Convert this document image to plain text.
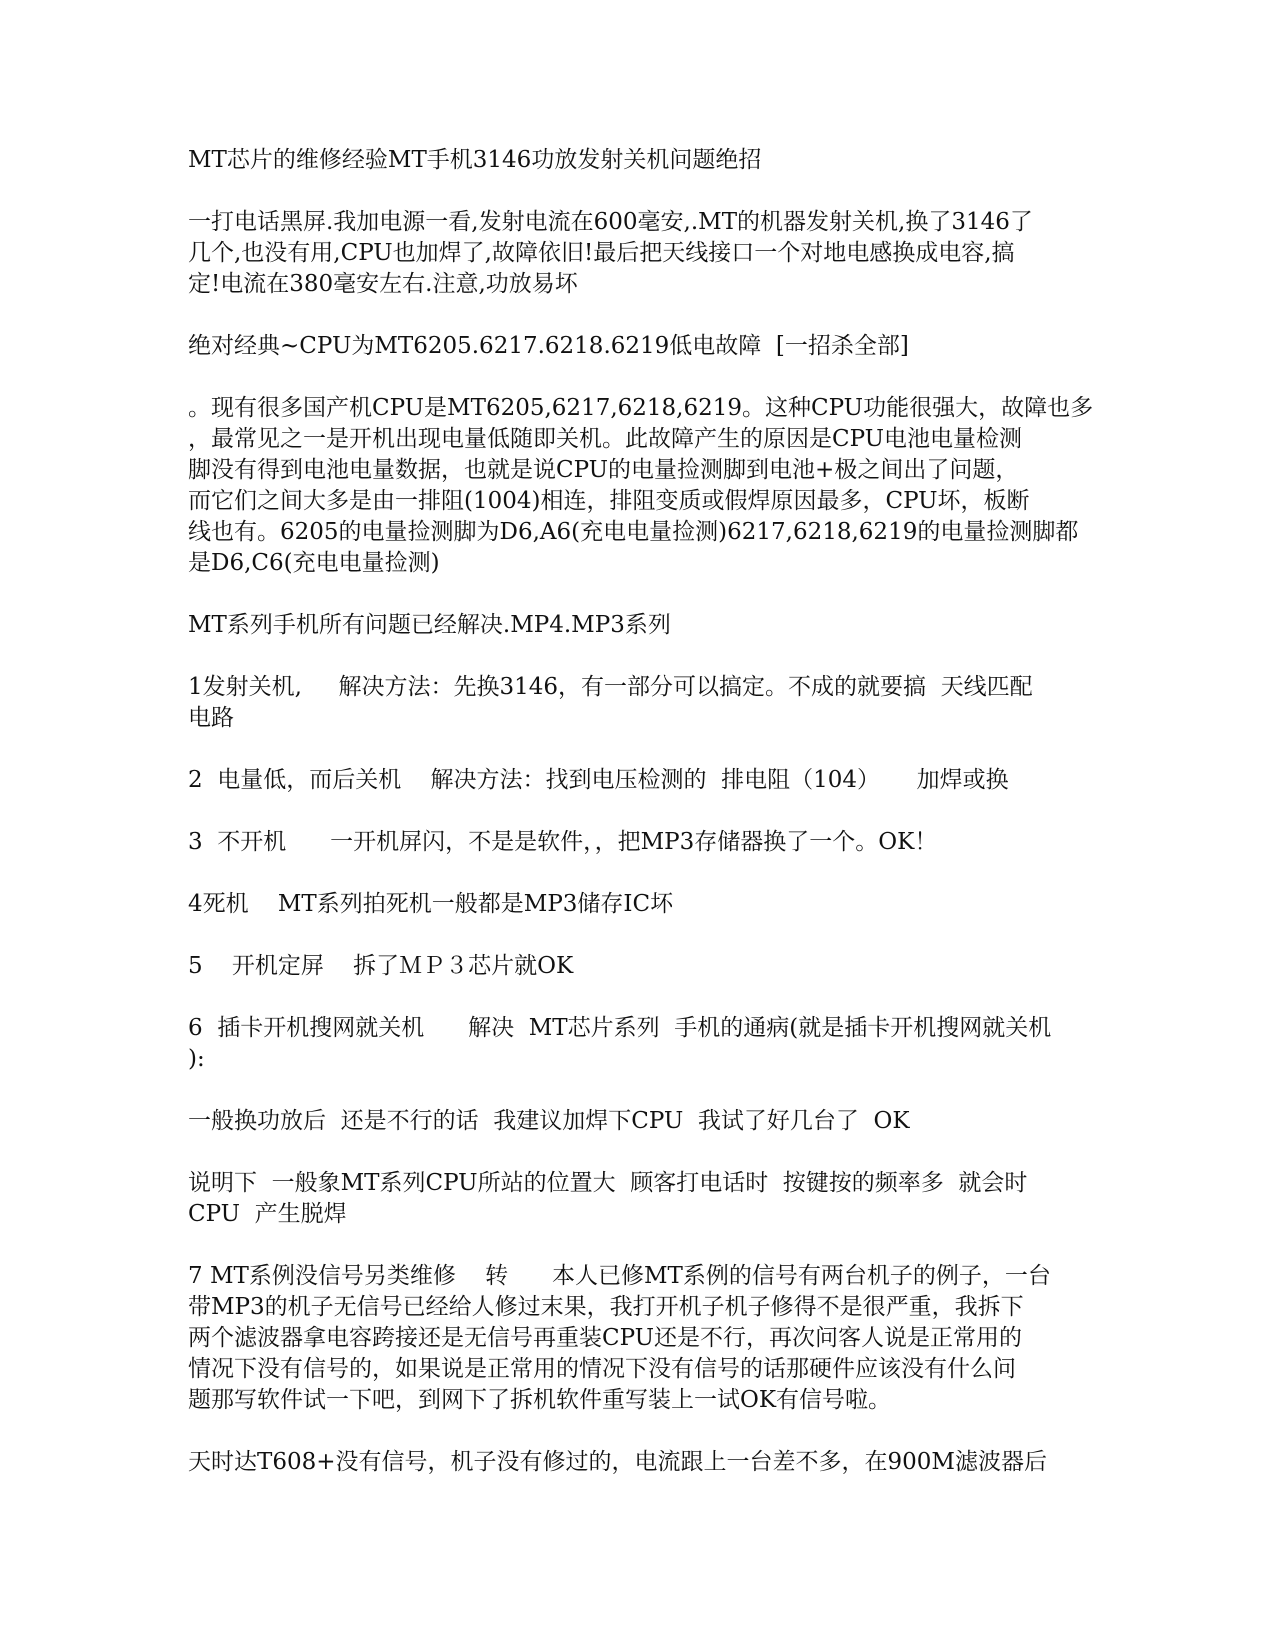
MT芯片的维修经验MT手机3146功放发射关机问题绝招
一打电话黑屏.我加电源一看,发射电流在600毫安,.MT的机器发射关机,换了3146了
几个,也没有用,CPU也加焊了,故障依旧!最后把天线接口一个对地电感换成电容,搞
定!电流在380毫安左右.注意,功放易坏
绝对经典~CPU为MT6205.6217.6218.6219低电故障  [一招杀全部]
。现有很多国产机CPU是MT6205,6217,6218,6219。这种CPU功能很强大，故障也多
，最常见之一是开机出现电量低随即关机。此故障产生的原因是CPU电池电量检测
脚没有得到电池电量数据，也就是说CPU的电量捡测脚到电池+极之间出了问题，
而它们之间大多是由一排阻(1004)相连，排阻变质或假焊原因最多，CPU坏，板断
线也有。6205的电量捡测脚为D6,A6(充电电量捡测)6217,6218,6219的电量捡测脚都
是D6,C6(充电电量捡测)
MT系列手机所有问题已经解决.MP4.MP3系列
1发射关机,     解决方法：先换3146，有一部分可以搞定。不成的就要搞  天线匹配
电路
2  电量低，而后关机    解决方法：找到电压检测的  排电阻（104）     加焊或换
3  不开机      一开机屏闪，不是是软件，，把MP3存储器换了一个。OK！
4死机    MT系列拍死机一般都是MP3储存IC坏
5    开机定屏    拆了ＭＰ３芯片就OK
6  插卡开机搜网就关机      解决  MT芯片系列  手机的通病(就是插卡开机搜网就关机
):
一般换功放后  还是不行的话  我建议加焊下CPU  我试了好几台了  OK
说明下  一般象MT系列CPU所站的位置大  顾客打电话时  按键按的频率多  就会时
CPU  产生脱焊
7 MT系例没信号另类维修    转      本人已修MT系例的信号有两台机子的例子，一台
带MP3的机子无信号已经给人修过末果，我打开机子机子修得不是很严重，我拆下
两个滤波器拿电容跨接还是无信号再重装CPU还是不行，再次问客人说是正常用的
情况下没有信号的，如果说是正常用的情况下没有信号的话那硬件应该没有什么问
题那写软件试一下吧，到网下了拆机软件重写装上一试OK有信号啦。
天时达T608+没有信号，机子没有修过的，电流跟上一台差不多，在900M滤波器后
